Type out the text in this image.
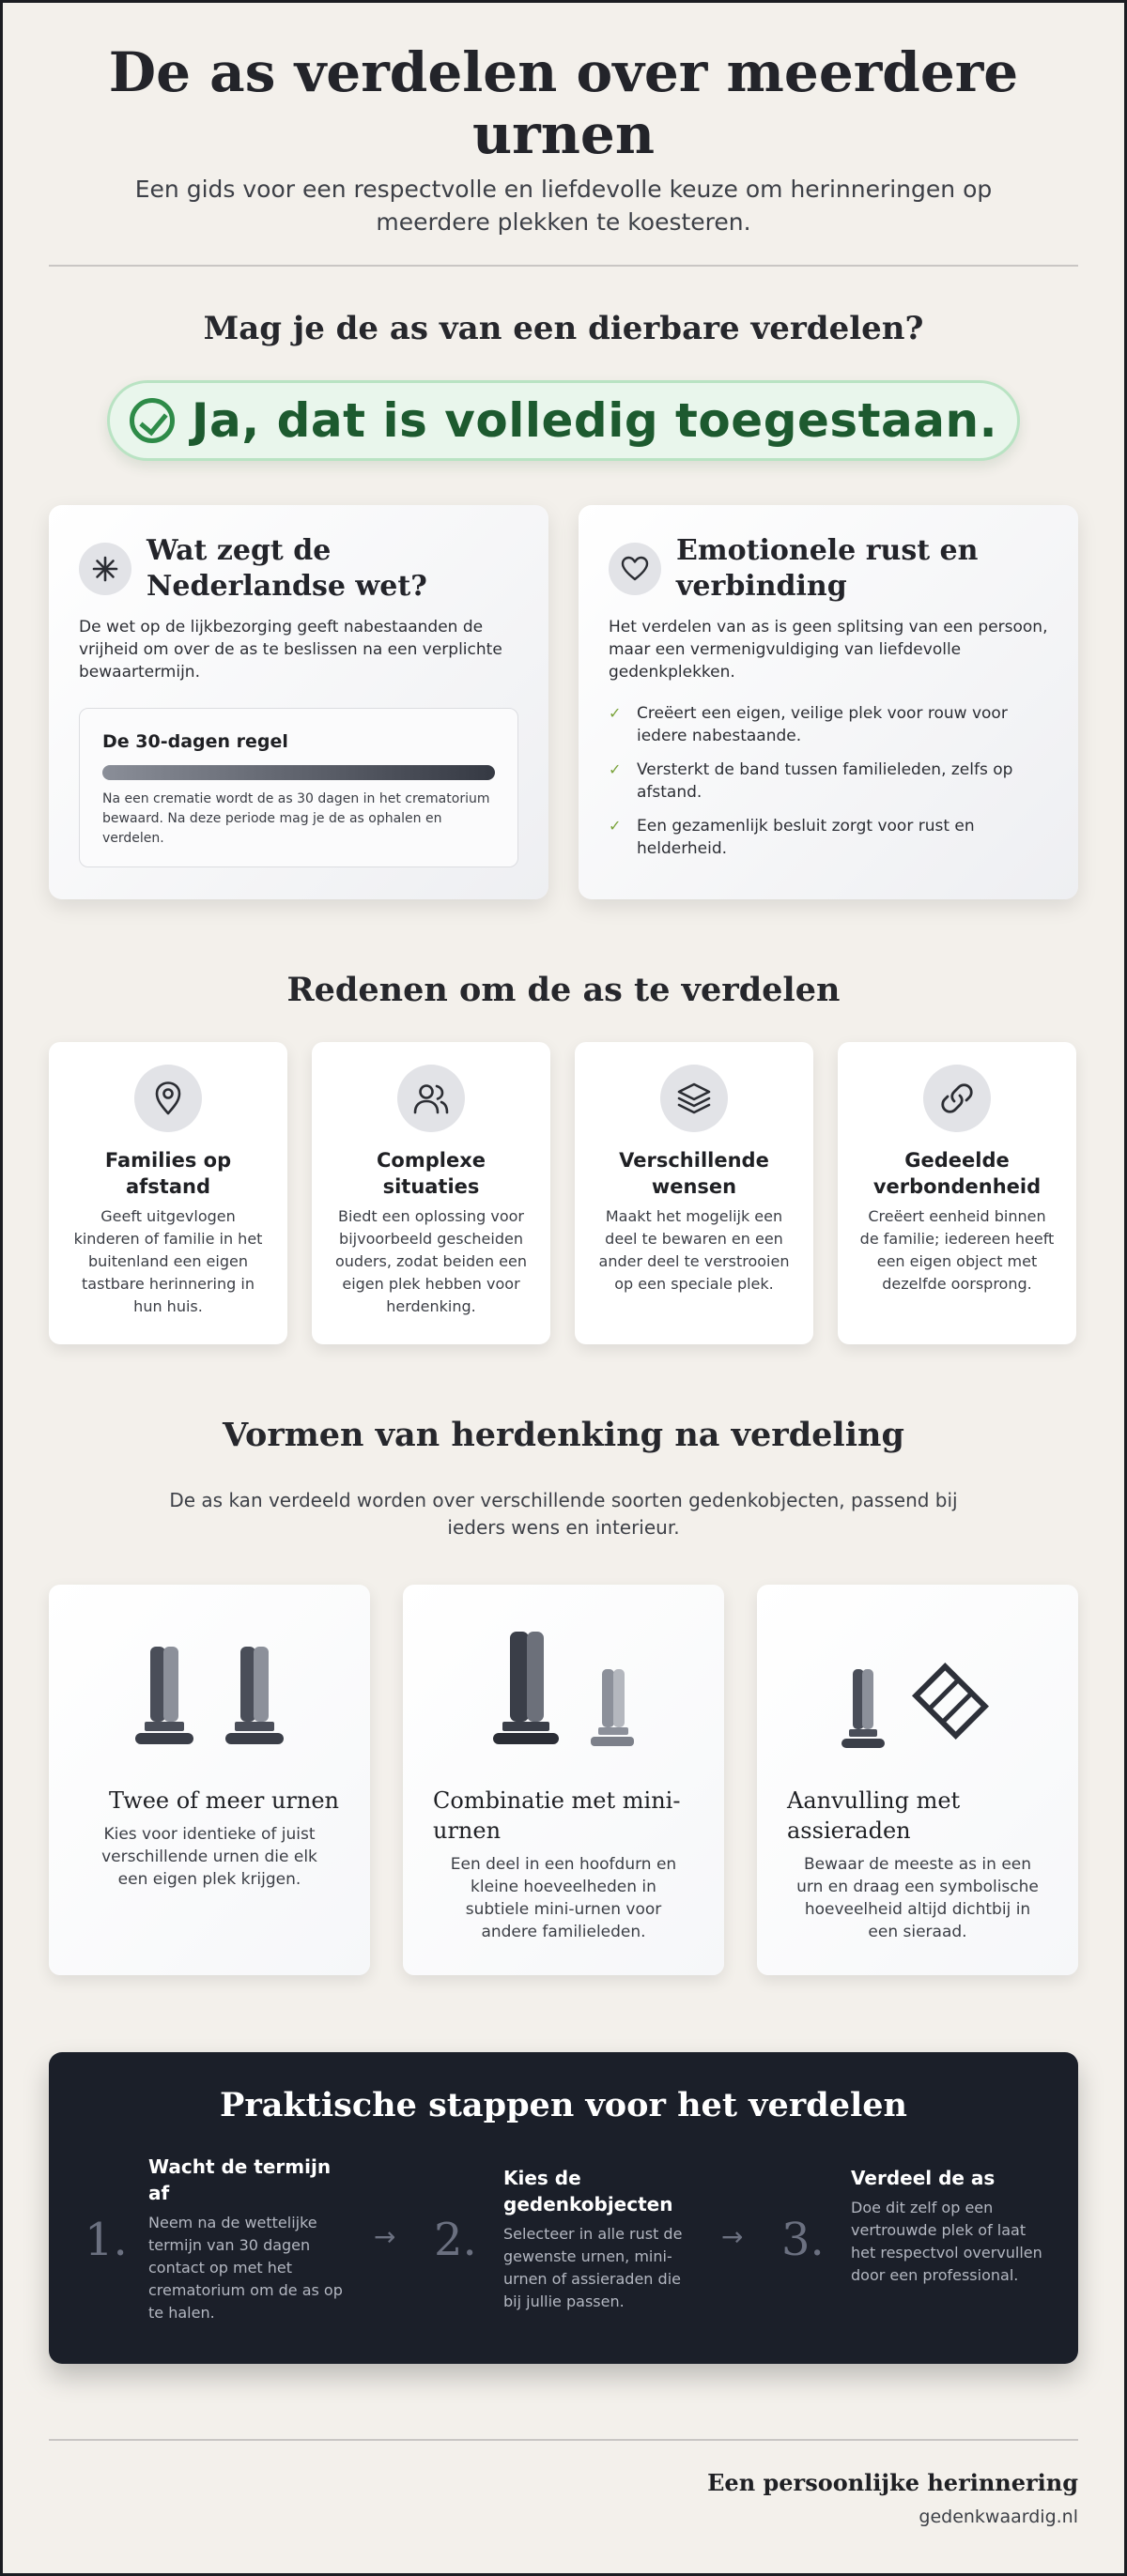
De as verdelen over meerdere urnen

Een gids voor een respectvolle en liefdevolle keuze om herinneringen op meerdere plekken te koesteren.

Mag je de as van een dierbare verdelen?
Ja, dat is volledig toegestaan.
Wat zegt de Nederlandse wet?

De wet op de lijkbezorging geeft nabestaanden de vrijheid om over de as te beslissen na een verplichte bewaartermijn.

De 30-dagen regel

Na een crematie wordt de as 30 dagen in het crematorium bewaard. Na deze periode mag je de as ophalen en verdelen.

Emotionele rust en verbinding

Het verdelen van as is geen splitsing van een persoon, maar een vermenigvuldiging van liefdevolle gedenkplekken.

✓ Creëert een eigen, veilige plek voor rouw voor iedere nabestaande.
✓ Versterkt de band tussen familieleden, zelfs op afstand.
✓ Een gezamenlijk besluit zorgt voor rust en helderheid.
Redenen om de as te verdelen
Families op afstand

Geeft uitgevlogen kinderen of familie in het buitenland een eigen tastbare herinnering in hun huis.

Complexe situaties

Biedt een oplossing voor bijvoorbeeld gescheiden ouders, zodat beiden een eigen plek hebben voor herdenking.

Verschillende wensen

Maakt het mogelijk een deel te bewaren en een ander deel te verstrooien op een speciale plek.

Gedeelde verbondenheid

Creëert eenheid binnen de familie; iedereen heeft een eigen object met dezelfde oorsprong.

Vormen van herdenking na verdeling

De as kan verdeeld worden over verschillende soorten gedenkobjecten, passend bij ieders wens en interieur.

Twee of meer urnen

Kies voor identieke of juist verschillende urnen die elk een eigen plek krijgen.

Combinatie met mini-urnen

Een deel in een hoofdurn en kleine hoeveelheden in subtiele mini-urnen voor andere familieleden.

Aanvulling met assieraden

Bewaar de meeste as in een urn en draag een symbolische hoeveelheid altijd dichtbij in een sieraad.

Praktische stappen voor het verdelen
1.
Wacht de termijn af

Neem na de wettelijke termijn van 30 dagen contact op met het crematorium om de as op te halen.

→ 2.
Kies de gedenkobjecten

Selecteer in alle rust de gewenste urnen, mini-urnen of assieraden die bij jullie passen.

→ 3.
Verdeel de as

Doe dit zelf op een vertrouwde plek of laat het respectvol overvullen door een professional.

Een persoonlijke herinnering
gedenkwaardig.nl
